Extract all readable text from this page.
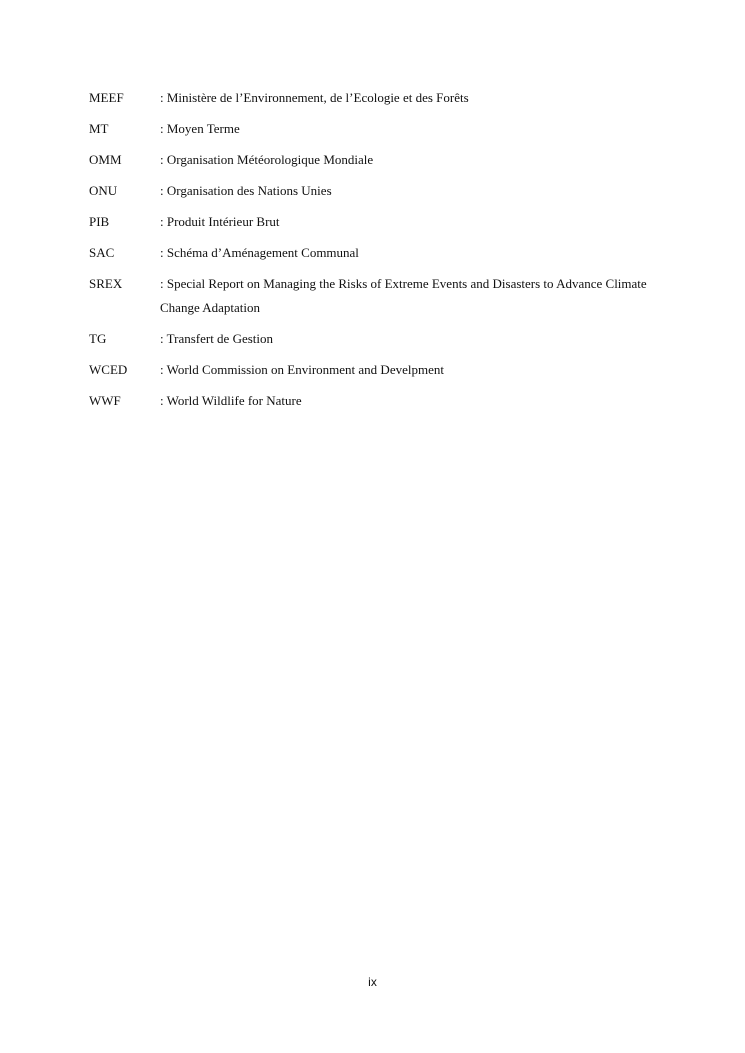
MEEF	: Ministère de l’Environnement, de l’Ecologie et des Forêts
MT	: Moyen Terme
OMM	: Organisation Météorologique Mondiale
ONU	: Organisation des Nations Unies
PIB	: Produit Intérieur Brut
SAC	: Schéma d’Aménagement Communal
SREX	: Special Report on Managing the Risks of Extreme Events and Disasters to Advance Climate Change Adaptation
TG	: Transfert de Gestion
WCED	: World Commission on Environment and Develpment
WWF	: World Wildlife for Nature
ix
